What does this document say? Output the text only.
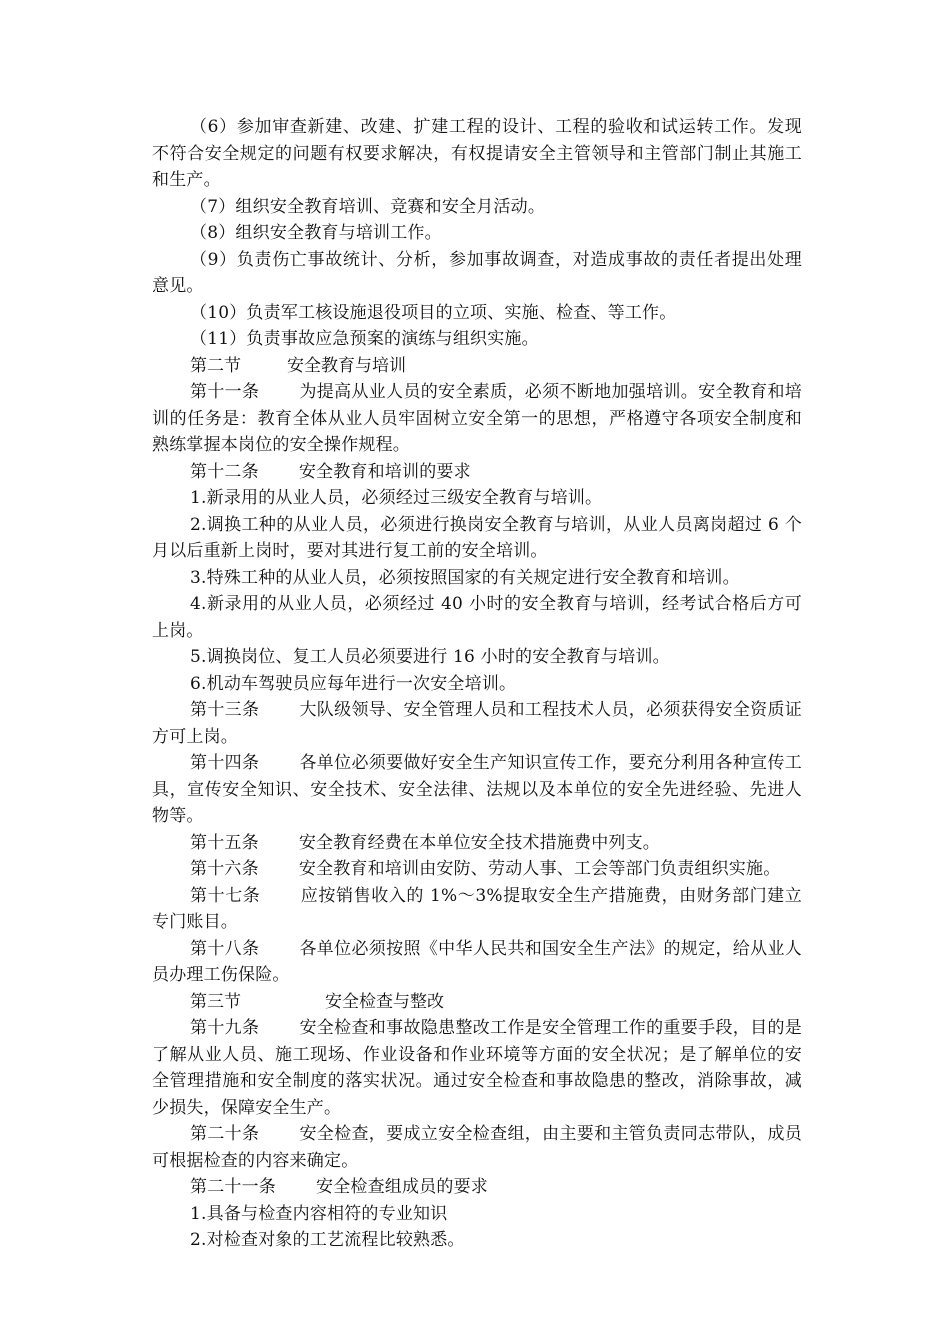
（6）参加审查新建、改建、扩建工程的设计、工程的验收和试运转工作。发现不符合安全规定的问题有权要求解决，有权提请安全主管领导和主管部门制止其施工和生产。

（7）组织安全教育培训、竞赛和安全月活动。

（8）组织安全教育与培训工作。

（9）负责伤亡事故统计、分析，参加事故调查，对造成事故的责任者提出处理意见。

（10）负责军工核设施退役项目的立项、实施、检查、等工作。

（11）负责事故应急预案的演练与组织实施。

第二节	安全教育与培训

第十一条 为提高从业人员的安全素质，必须不断地加强培训。安全教育和培训的任务是：教育全体从业人员牢固树立安全第一的思想，严格遵守各项安全制度和熟练掌握本岗位的安全操作规程。

第十二条 安全教育和培训的要求

1.新录用的从业人员，必须经过三级安全教育与培训。

2.调换工种的从业人员，必须进行换岗安全教育与培训，从业人员离岗超过 6 个月以后重新上岗时，要对其进行复工前的安全培训。

3.特殊工种的从业人员，必须按照国家的有关规定进行安全教育和培训。

4.新录用的从业人员，必须经过 40 小时的安全教育与培训，经考试合格后方可上岗。

5.调换岗位、复工人员必须要进行 16 小时的安全教育与培训。

6.机动车驾驶员应每年进行一次安全培训。

第十三条 大队级领导、安全管理人员和工程技术人员，必须获得安全资质证方可上岗。

第十四条 各单位必须要做好安全生产知识宣传工作，要充分利用各种宣传工具，宣传安全知识、安全技术、安全法律、法规以及本单位的安全先进经验、先进人物等。

第十五条 安全教育经费在本单位安全技术措施费中列支。

第十六条 安全教育和培训由安防、劳动人事、工会等部门负责组织实施。

第十七条 应按销售收入的 1%～3%提取安全生产措施费，由财务部门建立专门账目。

第十八条 各单位必须按照《中华人民共和国安全生产法》的规定，给从业人员办理工伤保险。

第三节	安全检查与整改

第十九条 安全检查和事故隐患整改工作是安全管理工作的重要手段，目的是了解从业人员、施工现场、作业设备和作业环境等方面的安全状况；是了解单位的安全管理措施和安全制度的落实状况。通过安全检查和事故隐患的整改，消除事故，减少损失，保障安全生产。

第二十条 安全检查，要成立安全检查组，由主要和主管负责同志带队，成员可根据检查的内容来确定。

第二十一条 安全检查组成员的要求

1.具备与检查内容相符的专业知识

2.对检查对象的工艺流程比较熟悉。
